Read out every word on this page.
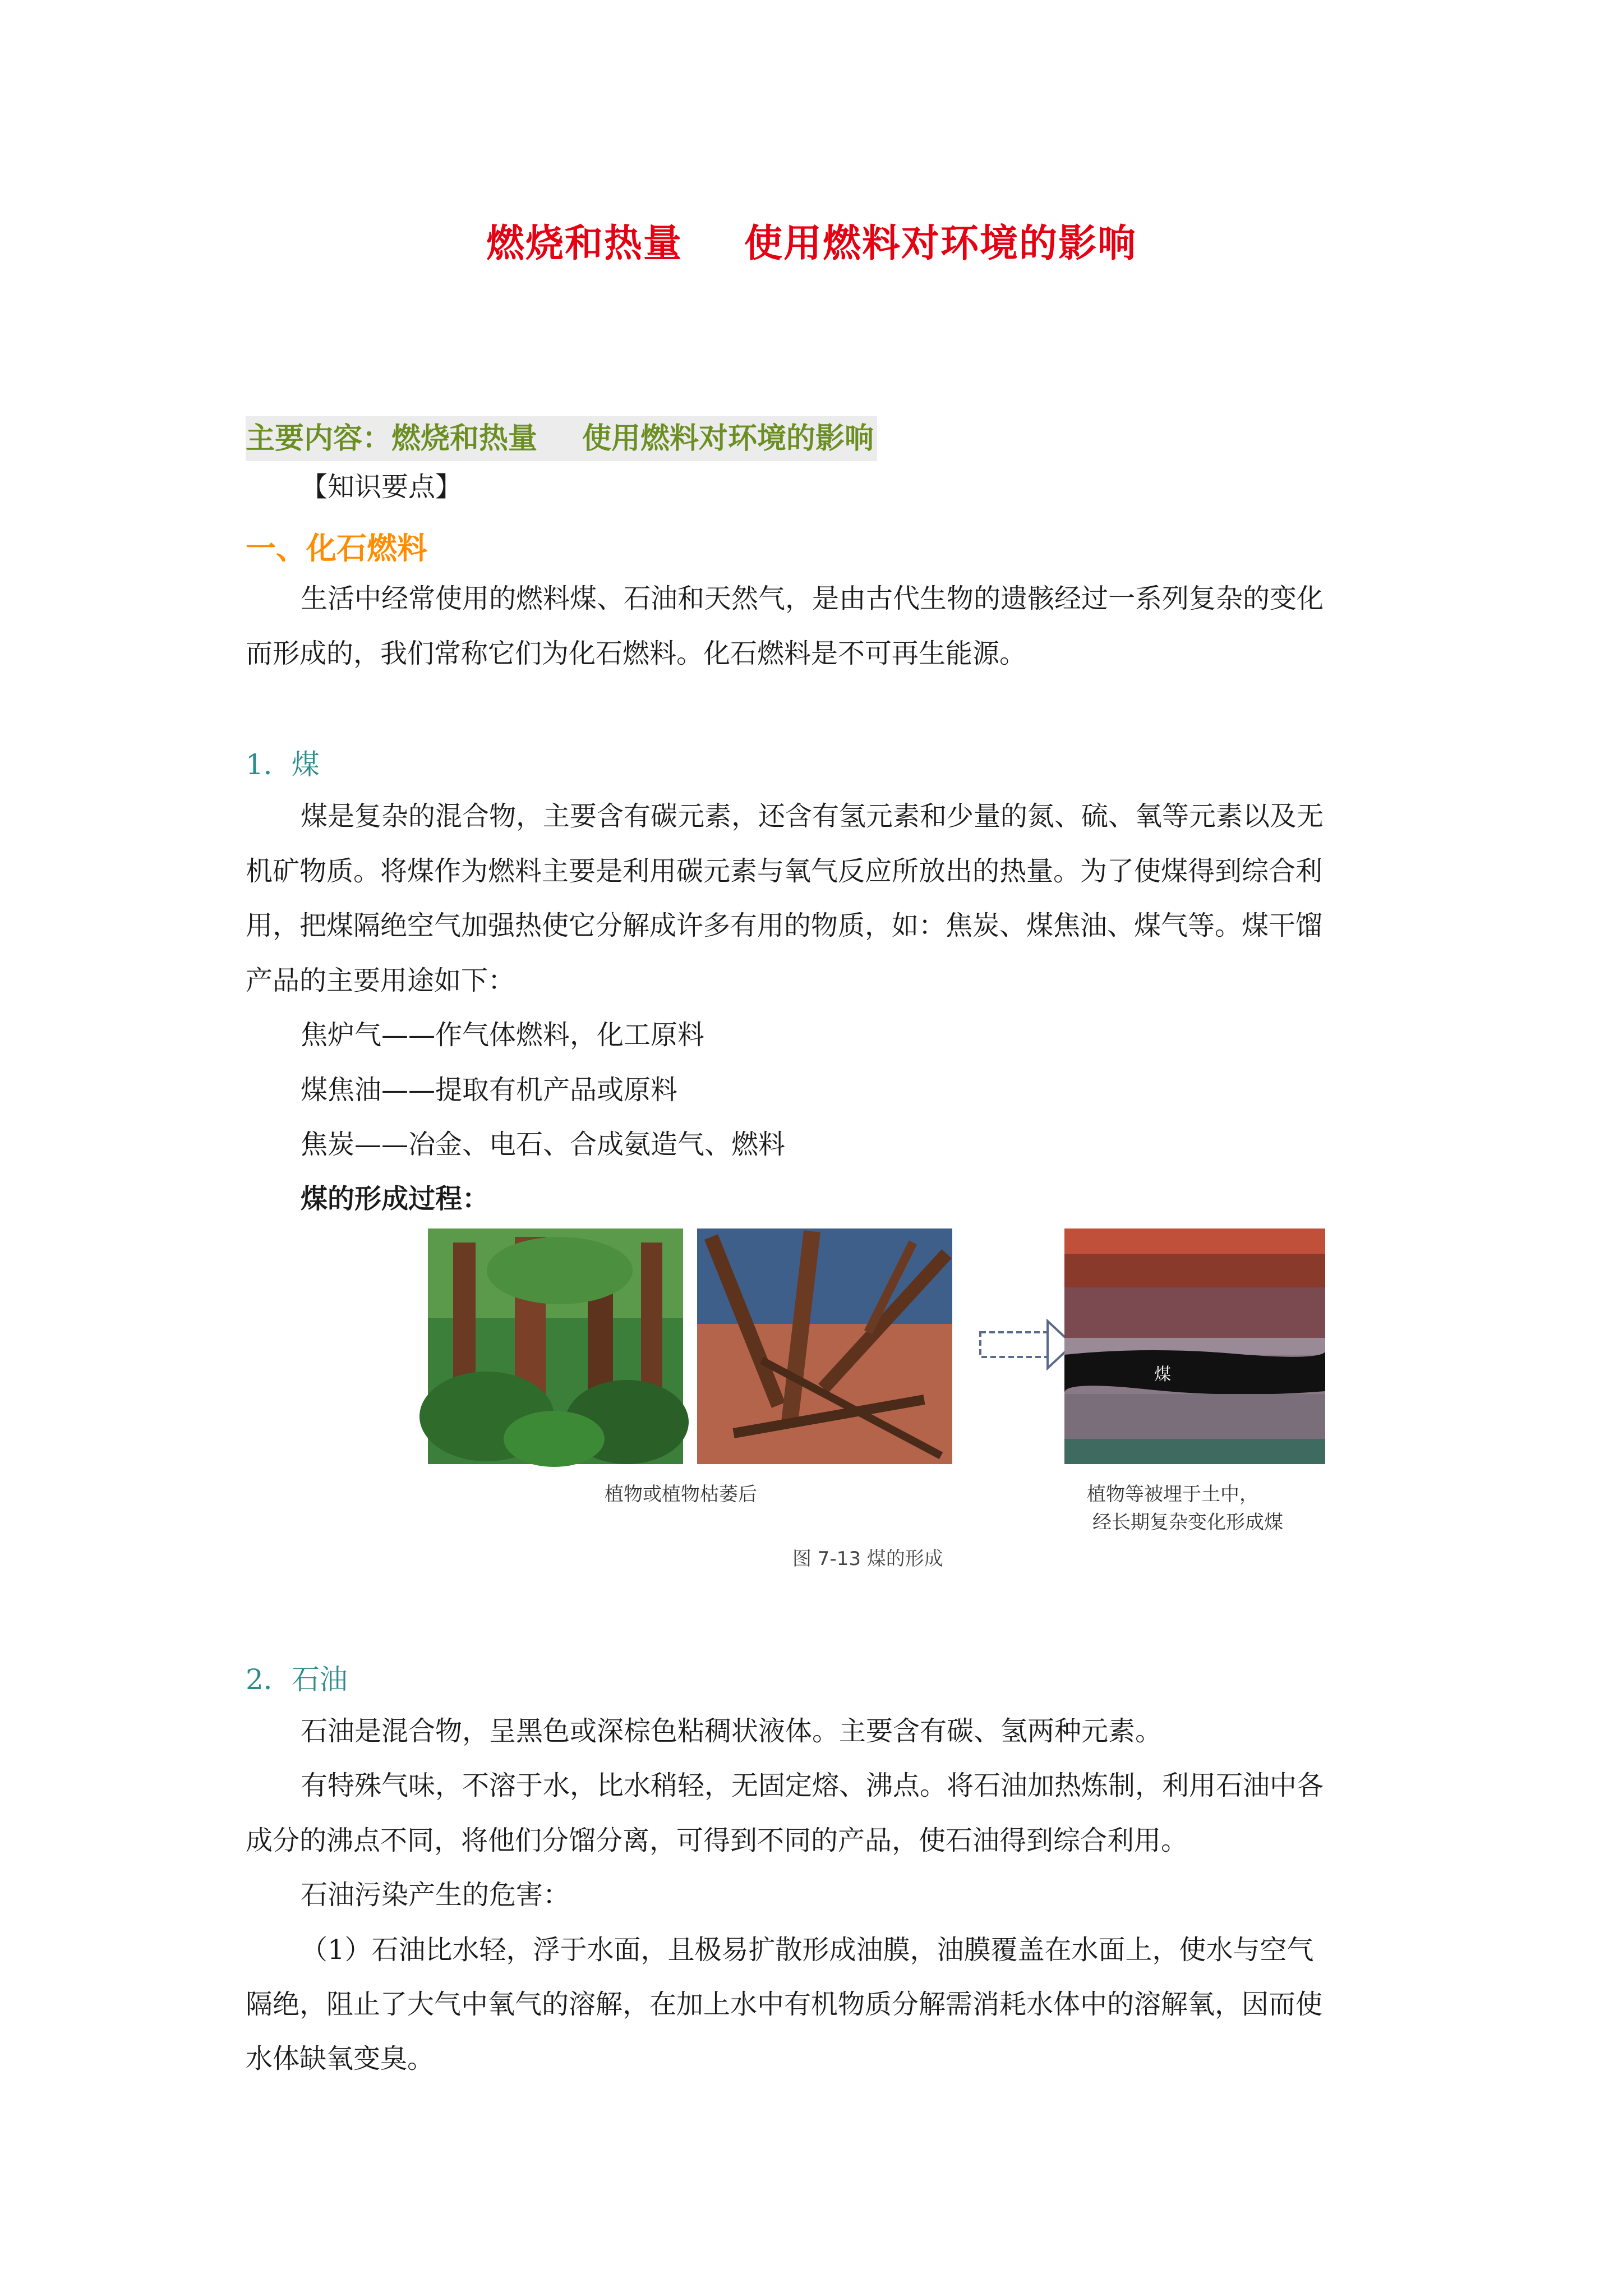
燃烧和热量 使用燃料对环境的影响
主要内容：燃烧和热量 使用燃料对环境的影响
【知识要点】
一、化石燃料
生活中经常使用的燃料煤、石油和天然气，是由古代生物的遗骸经过一系列复杂的变化
而形成的，我们常称它们为化石燃料。化石燃料是不可再生能源。
1．煤
煤是复杂的混合物，主要含有碳元素，还含有氢元素和少量的氮、硫、氧等元素以及无
机矿物质。将煤作为燃料主要是利用碳元素与氧气反应所放出的热量。为了使煤得到综合利
用，把煤隔绝空气加强热使它分解成许多有用的物质，如：焦炭、煤焦油、煤气等。煤干馏
产品的主要用途如下：
焦炉气——作气体燃料，化工原料
煤焦油——提取有机产品或原料
焦炭——冶金、电石、合成氨造气、燃料
煤的形成过程：
煤
植物或植物枯萎后	植物等被埋于土中，
经长期复杂变化形成煤
图 7-13 煤的形成
2．石油
石油是混合物，呈黑色或深棕色粘稠状液体。主要含有碳、氢两种元素。
有特殊气味，不溶于水，比水稍轻，无固定熔、沸点。将石油加热炼制，利用石油中各
成分的沸点不同，将他们分馏分离，可得到不同的产品，使石油得到综合利用。
石油污染产生的危害：
（1）石油比水轻，浮于水面，且极易扩散形成油膜，油膜覆盖在水面上，使水与空气
隔绝，阻止了大气中氧气的溶解，在加上水中有机物质分解需消耗水体中的溶解氧，因而使
水体缺氧变臭。
